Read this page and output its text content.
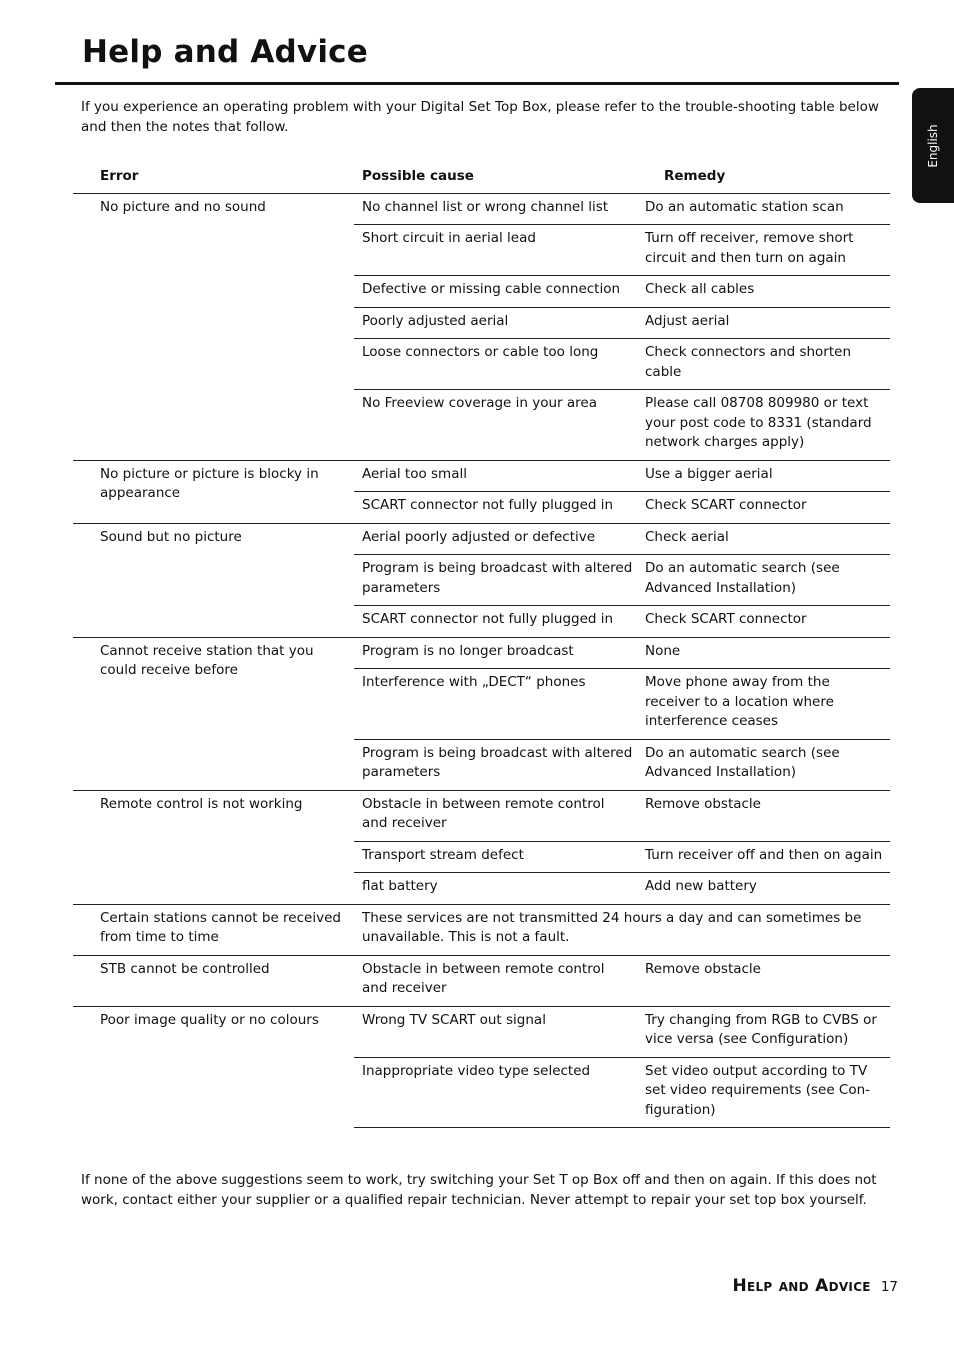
Help and Advice
English

If you experience an operating problem with your Digital Set Top Box, please refer to the trouble-shooting table below and then the notes that follow.

Error	Possible cause	Remedy
No picture and no sound	No channel list or wrong channel list	Do an automatic station scan
	Short circuit in aerial lead	Turn off receiver, remove short circuit and then turn on again
	Defective or missing cable connection	Check all cables
	Poorly adjusted aerial	Adjust aerial
	Loose connectors or cable too long	Check connectors and shorten cable
	No Freeview coverage in your area	Please call 08708 809980 or text your post code to 8331 (standard network charges apply)
No picture or picture is blocky in appearance	Aerial too small	Use a bigger aerial
	SCART connector not fully plugged in	Check SCART connector
Sound but no picture	Aerial poorly adjusted or defective	Check aerial
	Program is being broadcast with altered parameters	Do an automatic search (see Advanced Installation)
	SCART connector not fully plugged in	Check SCART connector
Cannot receive station that you could receive before	Program is no longer broadcast	None
	Interference with „DECT“ phones	Move phone away from the receiver to a location where interference ceases
	Program is being broadcast with altered parameters	Do an automatic search (see Advanced Installation)
Remote control is not working	Obstacle in between remote control and receiver	Remove obstacle
	Transport stream defect	Turn receiver off and then on again
	flat battery	Add new battery
Certain stations cannot be received from time to time	These services are not transmitted 24 hours a day and can sometimes be unavailable. This is not a fault.	
STB cannot be controlled	Obstacle in between remote control and receiver	Remove obstacle
Poor image quality or no colours	Wrong TV SCART out signal	Try changing from RGB to CVBS or vice versa (see Configuration)
	Inappropriate video type selected	Set video output according to TV set video requirements (see Con-figuration)

If none of the above suggestions seem to work, try switching your Set T op Box off and then on again. If this does not work, contact either your supplier or a qualified repair technician. Never attempt to repair your set top box yourself.

Help and Advice 17
